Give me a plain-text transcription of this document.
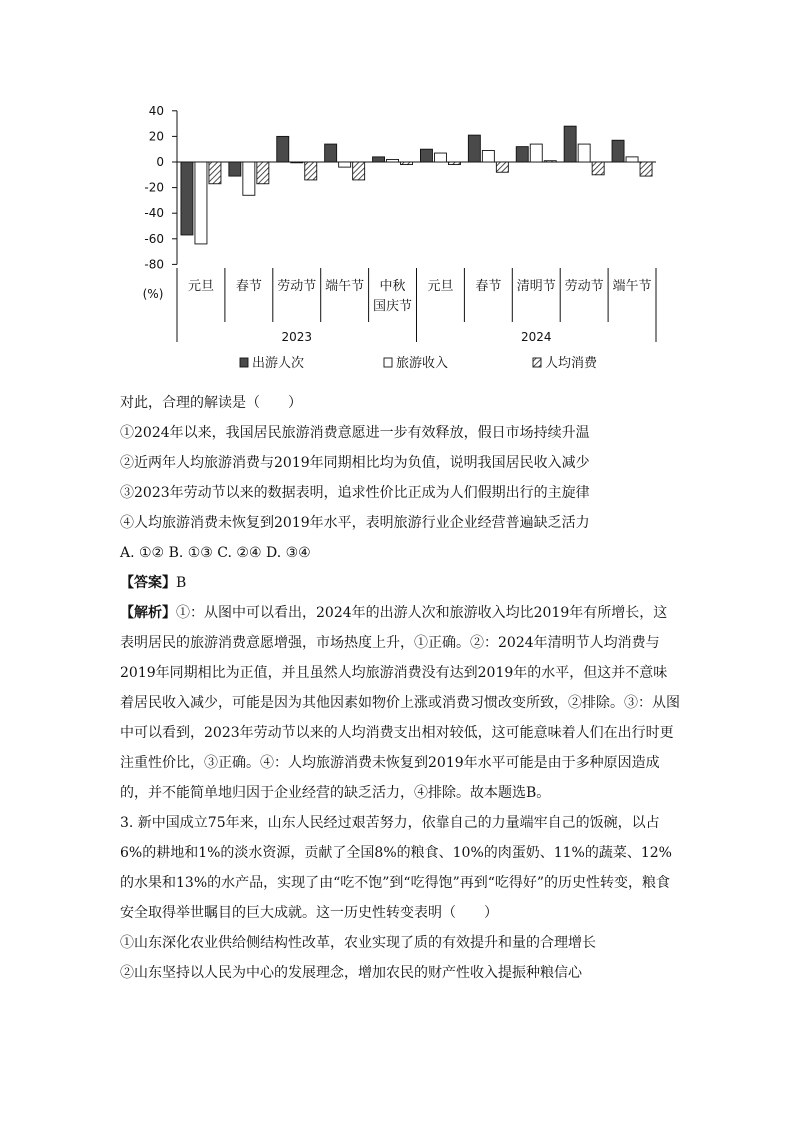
40
20
0
-20
-40
-60
-80
(%) 元旦 春节 劳动节 端午节 中秋
国庆节
元旦 春节 清明节 劳动节 端午节
2023	2024
出游人次	旅游收入	人均消费

对此，合理的解读是（　　）

①2024年以来，我国居民旅游消费意愿进一步有效释放，假日市场持续升温

②近两年人均旅游消费与2019年同期相比均为负值，说明我国居民收入减少

③2023年劳动节以来的数据表明，追求性价比正成为人们假期出行的主旋律

④人均旅游消费未恢复到2019年水平，表明旅游行业企业经营普遍缺乏活力

A. ①② B. ①③ C. ②④ D. ③④

【答案】B

【解析】①：从图中可以看出，2024年的出游人次和旅游收入均比2019年有所增长，这表明居民的旅游消费意愿增强，市场热度上升，①正确。②：2024年清明节人均消费与2019年同期相比为正值，并且虽然人均旅游消费没有达到2019年的水平，但这并不意味着居民收入减少，可能是因为其他因素如物价上涨或消费习惯改变所致，②排除。③：从图中可以看到，2023年劳动节以来的人均消费支出相对较低，这可能意味着人们在出行时更注重性价比，③正确。④：人均旅游消费未恢复到2019年水平可能是由于多种原因造成的，并不能简单地归因于企业经营的缺乏活力，④排除。故本题选B。

3. 新中国成立75年来，山东人民经过艰苦努力，依靠自己的力量端牢自己的饭碗，以占6%的耕地和1%的淡水资源，贡献了全国8%的粮食、10%的肉蛋奶、11%的蔬菜、12%的水果和13%的水产品，实现了由“吃不饱”到“吃得饱”再到“吃得好”的历史性转变，粮食安全取得举世瞩目的巨大成就。这一历史性转变表明（　　）

①山东深化农业供给侧结构性改革，农业实现了质的有效提升和量的合理增长

②山东坚持以人民为中心的发展理念，增加农民的财产性收入提振种粮信心
